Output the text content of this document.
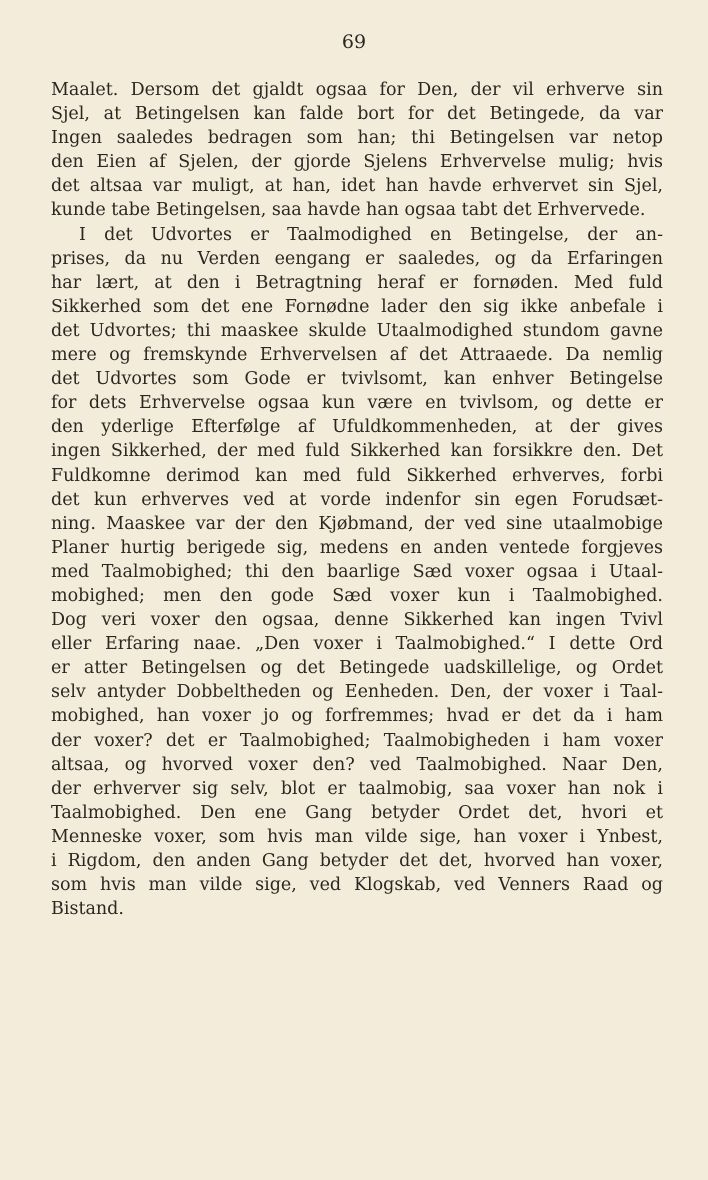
69
Maalet. Dersom det gjaldt ogsaa for Den, der vil erhverve sin
Sjel, at Betingelsen kan falde bort for det Betingede, da var
Ingen saaledes bedragen som han; thi Betingelsen var netop
den Eien af Sjelen, der gjorde Sjelens Erhvervelse mulig; hvis
det altsaa var muligt, at han, idet han havde erhvervet sin Sjel,
kunde tabe Betingelsen, saa havde han ogsaa tabt det Erhvervede.
I det Udvortes er Taalmodighed en Betingelse, der an-
prises, da nu Verden eengang er saaledes, og da Erfaringen
har lært, at den i Betragtning heraf er fornøden. Med fuld
Sikkerhed som det ene Fornødne lader den sig ikke anbefale i
det Udvortes; thi maaskee skulde Utaalmodighed stundom gavne
mere og fremskynde Erhvervelsen af det Attraaede. Da nemlig
det Udvortes som Gode er tvivlsomt, kan enhver Betingelse
for dets Erhvervelse ogsaa kun være en tvivlsom, og dette er
den yderlige Efterfølge af Ufuldkommenheden, at der gives
ingen Sikkerhed, der med fuld Sikkerhed kan forsikkre den. Det
Fuldkomne derimod kan med fuld Sikkerhed erhverves, forbi
det kun erhverves ved at vorde indenfor sin egen Forudsæt-
ning. Maaskee var der den Kjøbmand, der ved sine utaalmobige
Planer hurtig berigede sig, medens en anden ventede forgjeves
med Taalmobighed; thi den baarlige Sæd voxer ogsaa i Utaal-
mobighed; men den gode Sæd voxer kun i Taalmobighed.
Dog veri voxer den ogsaa, denne Sikkerhed kan ingen Tvivl
eller Erfaring naae. „Den voxer i Taalmobighed.“ I dette Ord
er atter Betingelsen og det Betingede uadskillelige, og Ordet
selv antyder Dobbeltheden og Eenheden. Den, der voxer i Taal-
mobighed, han voxer jo og forfremmes; hvad er det da i ham
der voxer? det er Taalmobighed; Taalmobigheden i ham voxer
altsaa, og hvorved voxer den? ved Taalmobighed. Naar Den,
der erhverver sig selv, blot er taalmobig, saa voxer han nok i
Taalmobighed. Den ene Gang betyder Ordet det, hvori et
Menneske voxer, som hvis man vilde sige, han voxer i Ynbest,
i Rigdom, den anden Gang betyder det det, hvorved han voxer,
som hvis man vilde sige, ved Klogskab, ved Venners Raad og
Bistand.
